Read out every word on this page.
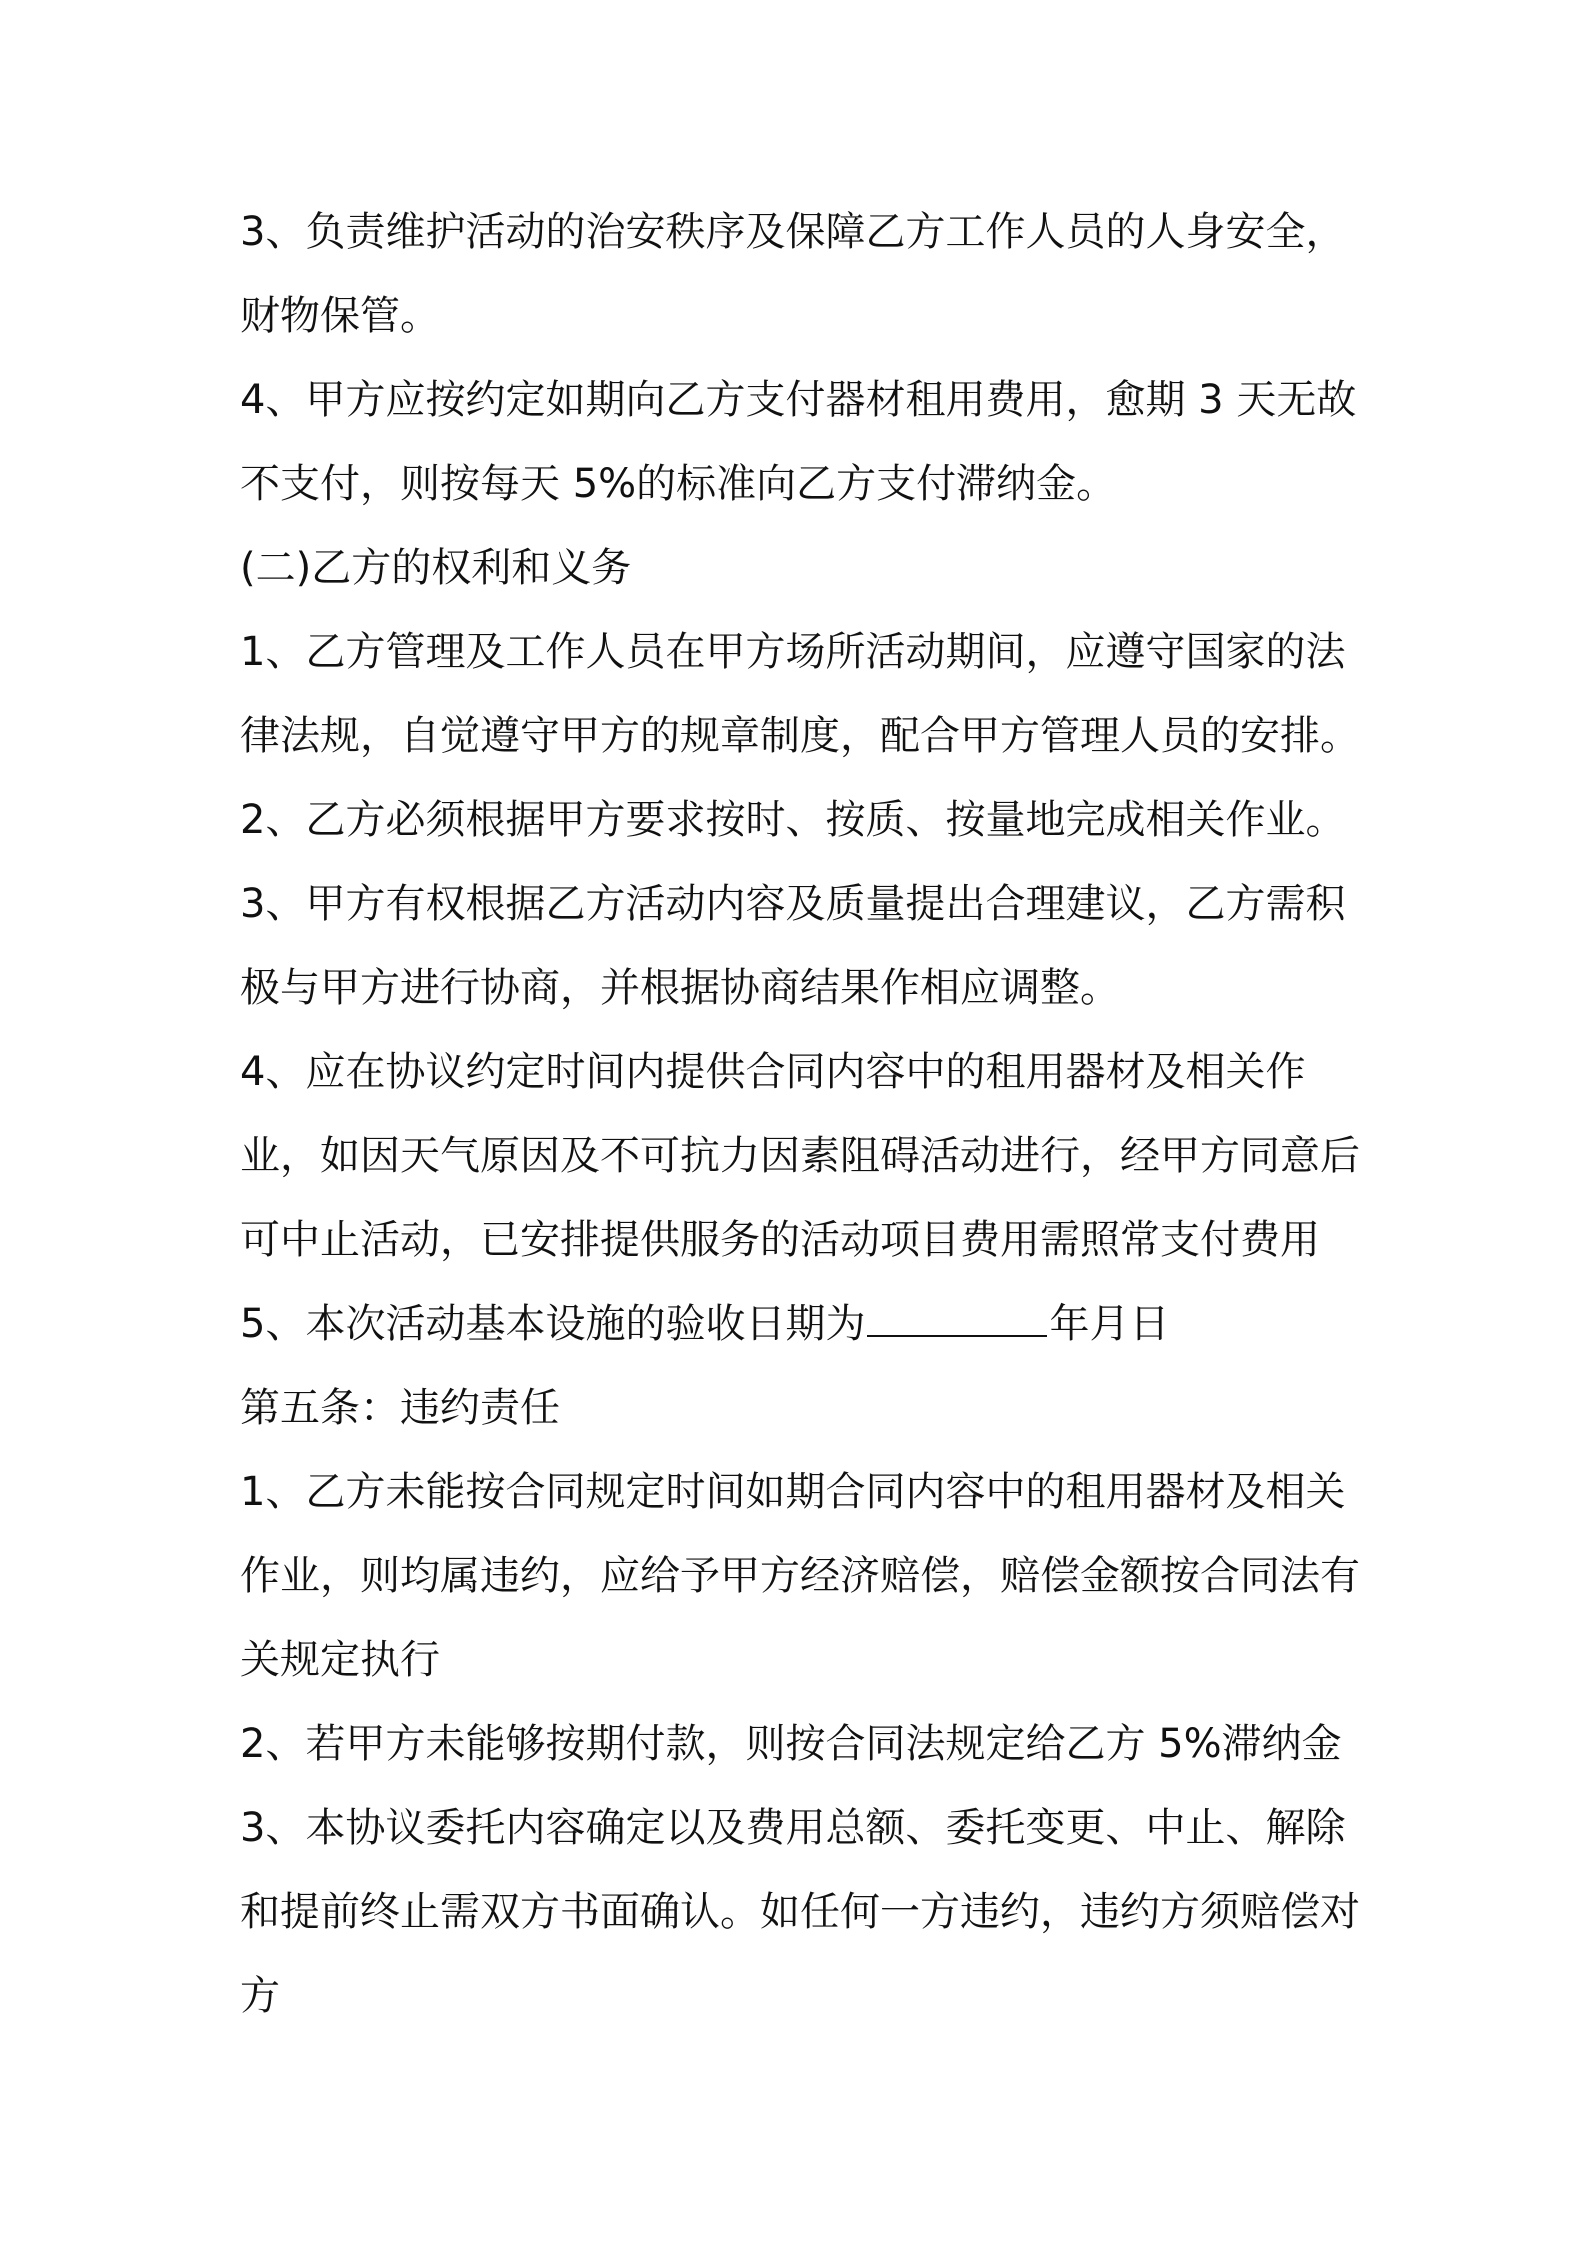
3、负责维护活动的治安秩序及保障乙方工作人员的人身安全，财物保管。

4、甲方应按约定如期向乙方支付器材租用费用，愈期 3 天无故不支付，则按每天 5%的标准向乙方支付滞纳金。

(二)乙方的权利和义务

1、乙方管理及工作人员在甲方场所活动期间，应遵守国家的法律法规，自觉遵守甲方的规章制度，配合甲方管理人员的安排。

2、乙方必须根据甲方要求按时、按质、按量地完成相关作业。

3、甲方有权根据乙方活动内容及质量提出合理建议，乙方需积极与甲方进行协商，并根据协商结果作相应调整。

4、应在协议约定时间内提供合同内容中的租用器材及相关作业，如因天气原因及不可抗力因素阻碍活动进行，经甲方同意后可中止活动，已安排提供服务的活动项目费用需照常支付费用

5、本次活动基本设施的验收日期为	年月日

第五条：违约责任

1、乙方未能按合同规定时间如期合同内容中的租用器材及相关作业，则均属违约，应给予甲方经济赔偿，赔偿金额按合同法有关规定执行

2、若甲方未能够按期付款，则按合同法规定给乙方 5%滞纳金

3、本协议委托内容确定以及费用总额、委托变更、中止、解除和提前终止需双方书面确认。如任何一方违约，违约方须赔偿对方
